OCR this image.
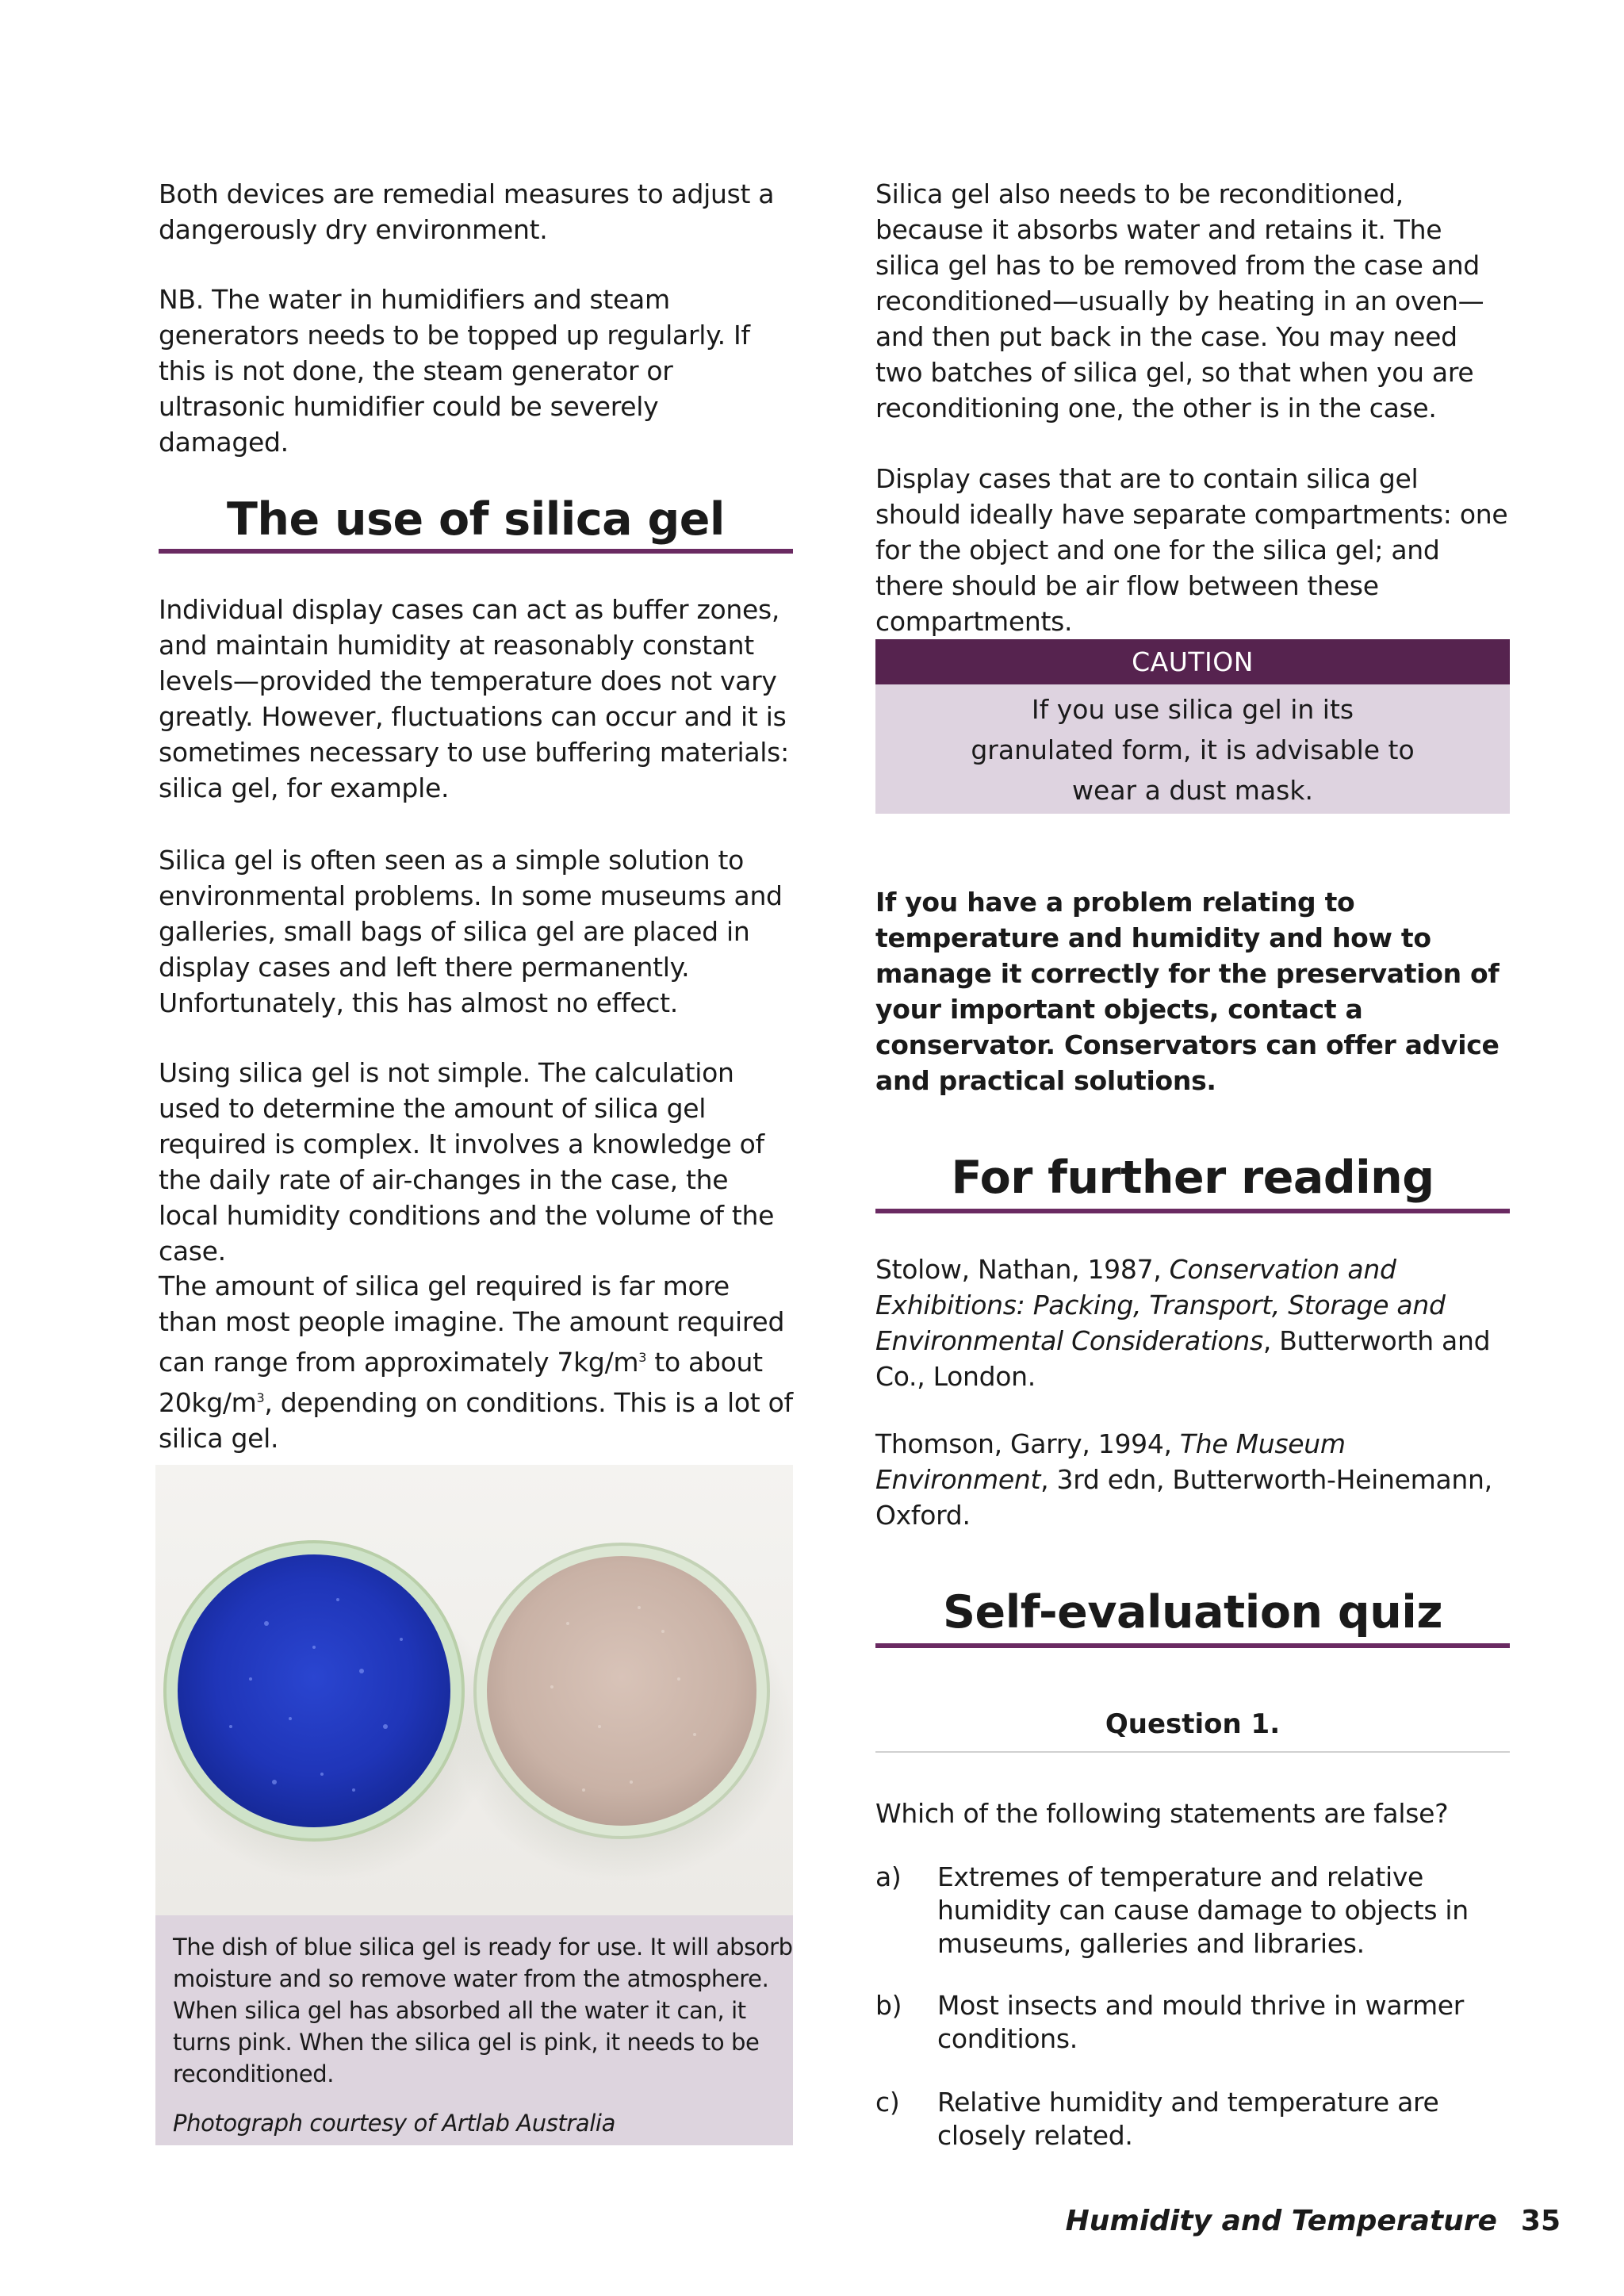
Both devices are remedial measures to adjust a dangerously dry environment.

NB. The water in humidifiers and steam generators needs to be topped up regularly. If this is not done, the steam generator or ultrasonic humidifier could be severely damaged.

The use of silica gel

Individual display cases can act as buffer zones, and maintain humidity at reasonably constant levels—provided the temperature does not vary greatly. However, fluctuations can occur and it is sometimes necessary to use buffering materials: silica gel, for example.

Silica gel is often seen as a simple solution to environmental problems. In some museums and galleries, small bags of silica gel are placed in display cases and left there permanently. Unfortunately, this has almost no effect.

Using silica gel is not simple. The calculation used to determine the amount of silica gel required is complex. It involves a knowledge of the daily rate of air-changes in the case, the local humidity conditions and the volume of the case.

The amount of silica gel required is far more than most people imagine. The amount required can range from approximately $7kg/m^3$ to about $20kg/m^3$, depending on conditions. This is a lot of silica gel.

The dish of blue silica gel is ready for use. It will absorb moisture and so remove water from the atmosphere. When silica gel has absorbed all the water it can, it turns pink. When the silica gel is pink, it needs to be reconditioned.
Photograph courtesy of Artlab Australia

Silica gel also needs to be reconditioned, because it absorbs water and retains it. The silica gel has to be removed from the case and reconditioned—usually by heating in an oven—and then put back in the case. You may need two batches of silica gel, so that when you are reconditioning one, the other is in the case.

Display cases that are to contain silica gel should ideally have separate compartments: one for the object and one for the silica gel; and there should be air flow between these compartments.

CAUTION
If you use silica gel in its
granulated form, it is advisable to
wear a dust mask.

If you have a problem relating to temperature and humidity and how to manage it correctly for the preservation of your important objects, contact a conservator. Conservators can offer advice and practical solutions.

For further reading

Stolow, Nathan, 1987, Conservation and Exhibitions: Packing, Transport, Storage and Environmental Considerations, Butterworth and Co., London.

Thomson, Garry, 1994, The Museum Environment, 3rd edn, Butterworth-Heinemann, Oxford.

Self-evaluation quiz
Question 1.

Which of the following statements are false?

a) Extremes of temperature and relative humidity can cause damage to objects in museums, galleries and libraries.
b) Most insects and mould thrive in warmer conditions.
c) Relative humidity and temperature are closely related.
Humidity and Temperature 35
